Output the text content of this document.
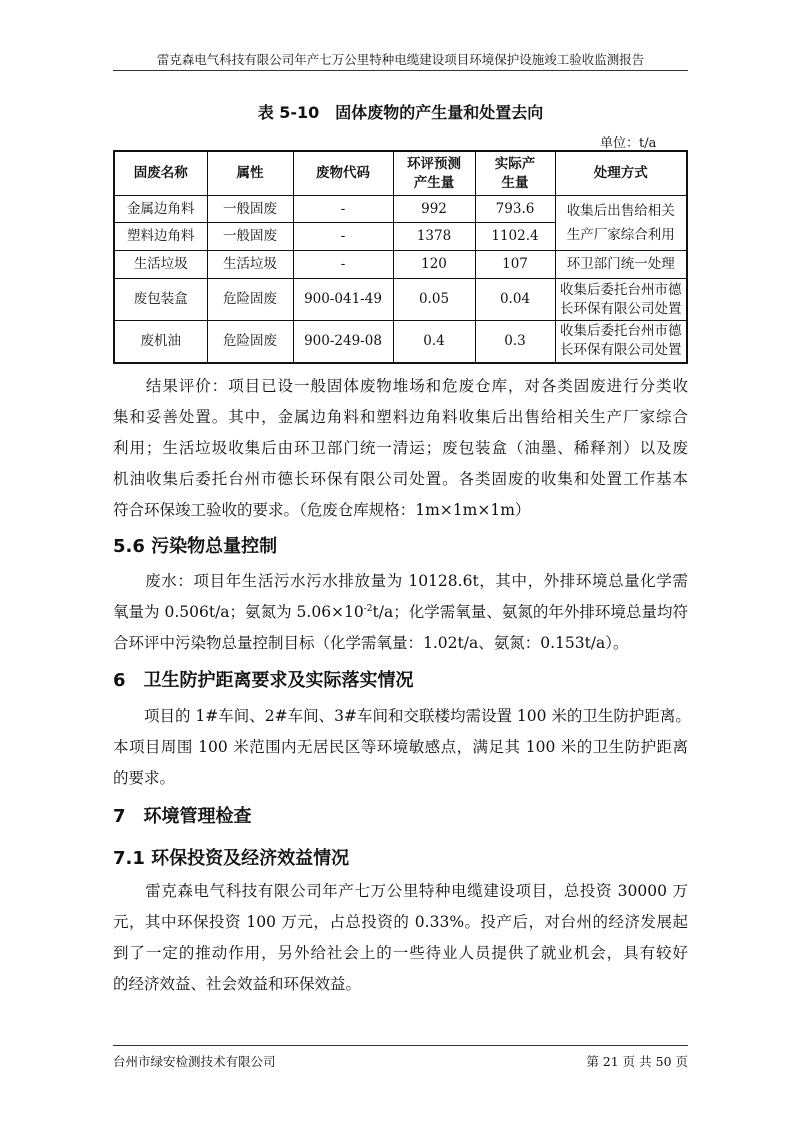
雷克森电气科技有限公司年产七万公里特种电缆建设项目环境保护设施竣工验收监测报告
表 5-10　固体废物的产生量和处置去向
单位：t/a
固废名称	属性	废物代码	环评预测产生量	实际产生量	处理方式
金属边角料	一般固废	-	992	793.6	收集后出售给相关生产厂家综合利用

塑料边角料	一般固废	-	1378	1102.4	
生活垃圾	生活垃圾	-	120	107	环卫部门统一处理
废包装盒	危险固废	900-041-49	0.05	0.04	收集后委托台州市德长环保有限公司处置

废机油	危险固废	900-249-08	0.4	0.3	收集后委托台州市德长环保有限公司处置
　　结果评价：项目已设一般固体废物堆场和危废仓库，对各类固废进行分类收
集和妥善处置。其中，金属边角料和塑料边角料收集后出售给相关生产厂家综合
利用；生活垃圾收集后由环卫部门统一清运；废包装盒（油墨、稀释剂）以及废
机油收集后委托台州市德长环保有限公司处置。各类固废的收集和处置工作基本
符合环保竣工验收的要求。（危废仓库规格：1m×1m×1m）
5.6 污染物总量控制
　　废水：项目年生活污水污水排放量为 10128.6t，其中，外排环境总量化学需
氧量为 0.506t/a；氨氮为 $5.06\times 10^{-2}t/a$；化学需氧量、氨氮的年外排环境总量均符
合环评中污染物总量控制目标（化学需氧量：1.02t/a、氨氮：0.153t/a）。
6　卫生防护距离要求及实际落实情况
　　项目的 1#车间、2#车间、3#车间和交联楼均需设置 100 米的卫生防护距离。
本项目周围 100 米范围内无居民区等环境敏感点，满足其 100 米的卫生防护距离
的要求。
7　环境管理检查
7.1 环保投资及经济效益情况
　　雷克森电气科技有限公司年产七万公里特种电缆建设项目，总投资 30000 万
元，其中环保投资 100 万元，占总投资的 0.33%。投产后，对台州的经济发展起
到了一定的推动作用，另外给社会上的一些待业人员提供了就业机会，具有较好
的经济效益、社会效益和环保效益。
台州市绿安检测技术有限公司	第 21 页 共 50 页
